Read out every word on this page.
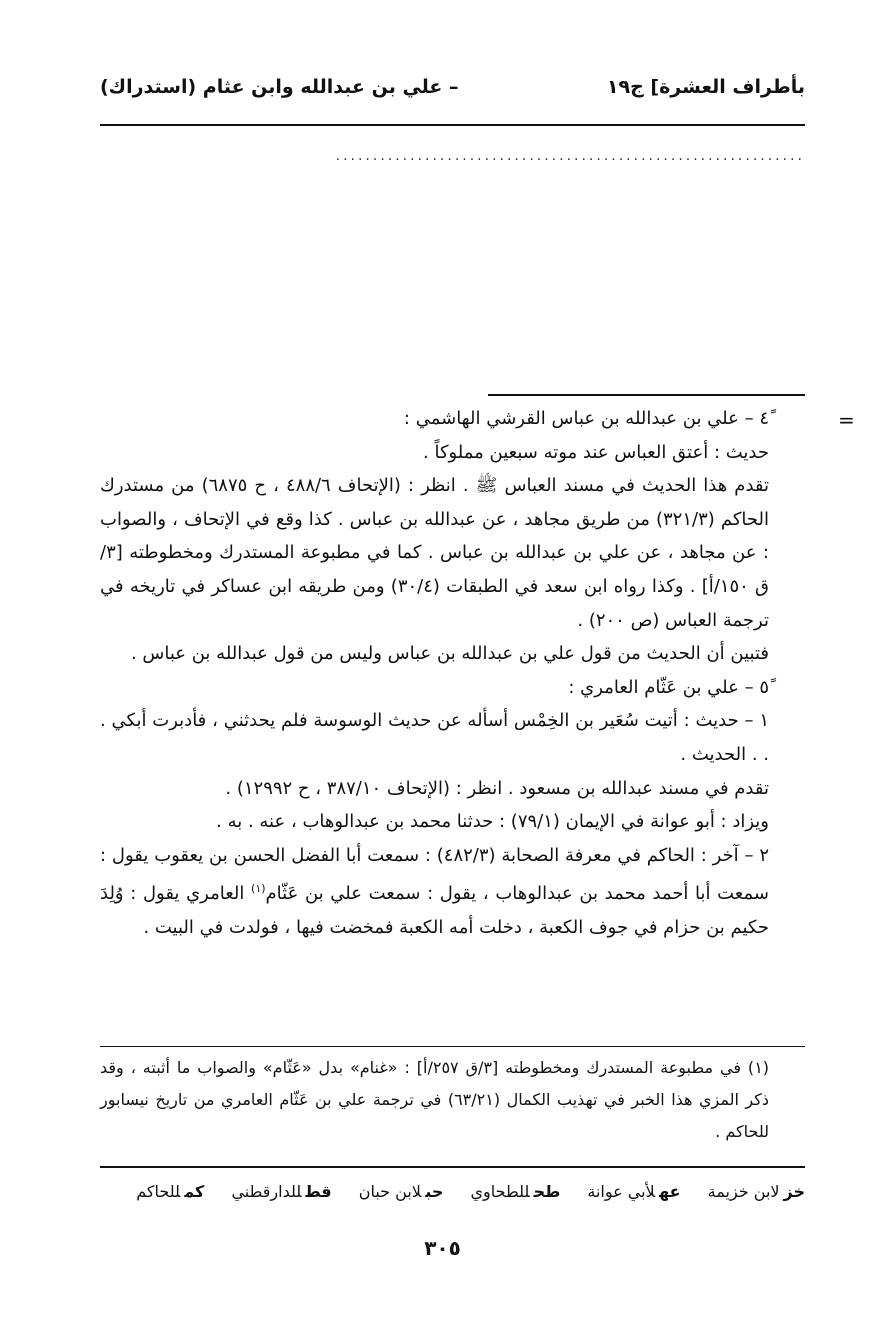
بأطراف العشرة] ج١٩
– علي بن عبدالله وابن عثام (استدراك)
...............................................................
=

٤ً – علي بن عبدالله بن عباس القرشي الهاشمي :

حديث : أعتق العباس عند موته سبعين مملوكاً .

تقدم هذا الحديث في مسند العباس ﷺ . انظر : (الإتحاف ٤٨٨/٦ ، ح ٦٨٧٥) من مستدرك الحاكم (٣٢١/٣) من طريق مجاهد ، عن عبدالله بن عباس . كذا وقع في الإتحاف ، والصواب : عن مجاهد ، عن علي بن عبدالله بن عباس . كما في مطبوعة المستدرك ومخطوطته [٣/ق ١٥٠/أ] . وكذا رواه ابن سعد في الطبقات (٣٠/٤) ومن طريقه ابن عساكر في تاريخه في ترجمة العباس (ص ٢٠٠) .

فتبين أن الحديث من قول علي بن عبدالله بن عباس وليس من قول عبدالله بن عباس .

٥ً – علي بن عَثّام العامري :

١ – حديث : أتيت سُعَير بن الخِمْس أسأله عن حديث الوسوسة فلم يحدثني ، فأدبرت أبكي . . . الحديث .

تقدم في مسند عبدالله بن مسعود . انظر : (الإتحاف ٣٨٧/١٠ ، ح ١٢٩٩٢) .

ويزاد : أبو عوانة في الإيمان (٧٩/١) : حدثنا محمد بن عبدالوهاب ، عنه . به .

٢ – آخر : الحاكم في معرفة الصحابة (٤٨٢/٣) : سمعت أبا الفضل الحسن بن يعقوب يقول : سمعت أبا أحمد محمد بن عبدالوهاب ، يقول : سمعت علي بن عَثّام$^{(١)}$ العامري يقول : وُلِدَ حكيم بن حزام في جوف الكعبة ، دخلت أمه الكعبة فمخضت فيها ، فولدت في البيت .

(١) في مطبوعة المستدرك ومخطوطته [٣/ق ٢٥٧/أ] : «غنام» بدل «عَثّام» والصواب ما أثبته ، وقد ذكر المزي هذا الخبر في تهذيب الكمال (٦٣/٢١) في ترجمة علي بن عَثّام العامري من تاريخ نيسابور للحاكم .

خزلابن خزيمة عهلأبي عوانة طحللطحاوي حبلابن حبان قطللدارقطني كمللحاكم
٣٠٥
